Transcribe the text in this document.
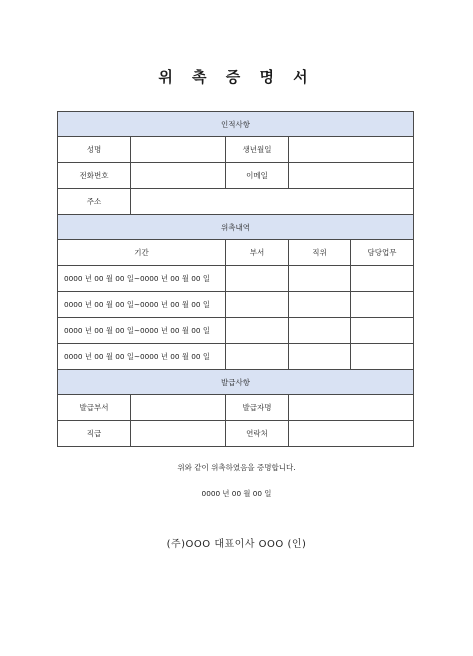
위 촉 증 명 서
인적사항				
성명		생년월일		
전화번호		이메일		
주소				
위촉내역				
기간		부서	직위	담당업무
0000 년 00 월 00 일~0000 년 00 월 00 일				
0000 년 00 월 00 일~0000 년 00 월 00 일				
0000 년 00 월 00 일~0000 년 00 월 00 일				
0000 년 00 월 00 일~0000 년 00 월 00 일				
발급사항				
발급부서		발급자명		
직급		연락처		
위와 같이 위촉하였음을 증명합니다.
0000 년 00 월 00 일
(주)OOO 대표이사 OOO (인)
